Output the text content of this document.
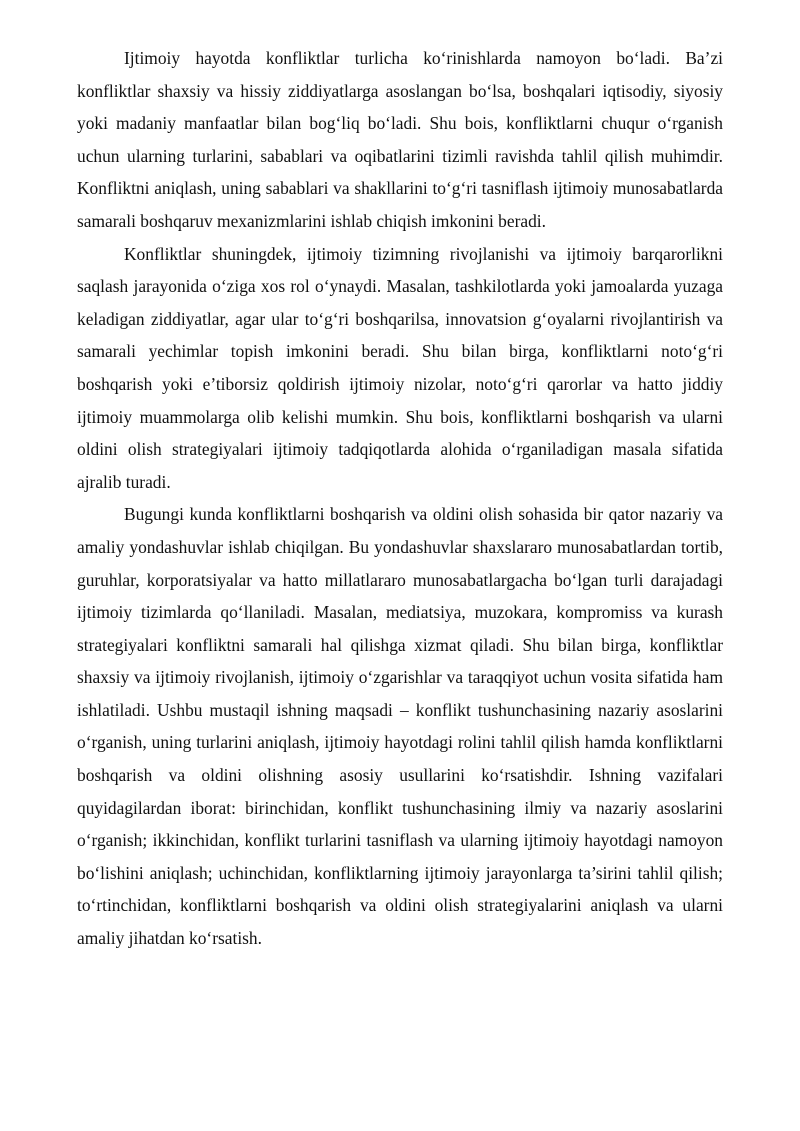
Ijtimoiy hayotda konfliktlar turlicha ko‘rinishlarda namoyon bo‘ladi. Ba’zi konfliktlar shaxsiy va hissiy ziddiyatlarga asoslangan bo‘lsa, boshqalari iqtisodiy, siyosiy yoki madaniy manfaatlar bilan bog‘liq bo‘ladi. Shu bois, konfliktlarni chuqur o‘rganish uchun ularning turlarini, sabablari va oqibatlarini tizimli ravishda tahlil qilish muhimdir. Konfliktni aniqlash, uning sabablari va shakllarini to‘g‘ri tasniflash ijtimoiy munosabatlarda samarali boshqaruv mexanizmlarini ishlab chiqish imkonini beradi.

Konfliktlar shuningdek, ijtimoiy tizimning rivojlanishi va ijtimoiy barqarorlikni saqlash jarayonida o‘ziga xos rol o‘ynaydi. Masalan, tashkilotlarda yoki jamoalarda yuzaga keladigan ziddiyatlar, agar ular to‘g‘ri boshqarilsa, innovatsion g‘oyalarni rivojlantirish va samarali yechimlar topish imkonini beradi. Shu bilan birga, konfliktlarni noto‘g‘ri boshqarish yoki e’tiborsiz qoldirish ijtimoiy nizolar, noto‘g‘ri qarorlar va hatto jiddiy ijtimoiy muammolarga olib kelishi mumkin. Shu bois, konfliktlarni boshqarish va ularni oldini olish strategiyalari ijtimoiy tadqiqotlarda alohida o‘rganiladigan masala sifatida ajralib turadi.

Bugungi kunda konfliktlarni boshqarish va oldini olish sohasida bir qator nazariy va amaliy yondashuvlar ishlab chiqilgan. Bu yondashuvlar shaxslararo munosabatlardan tortib, guruhlar, korporatsiyalar va hatto millatlararo munosabatlargacha bo‘lgan turli darajadagi ijtimoiy tizimlarda qo‘llaniladi. Masalan, mediatsiya, muzokara, kompromiss va kurash strategiyalari konfliktni samarali hal qilishga xizmat qiladi. Shu bilan birga, konfliktlar shaxsiy va ijtimoiy rivojlanish, ijtimoiy o‘zgarishlar va taraqqiyot uchun vosita sifatida ham ishlatiladi. Ushbu mustaqil ishning maqsadi – konflikt tushunchasining nazariy asoslarini o‘rganish, uning turlarini aniqlash, ijtimoiy hayotdagi rolini tahlil qilish hamda konfliktlarni boshqarish va oldini olishning asosiy usullarini ko‘rsatishdir. Ishning vazifalari quyidagilardan iborat: birinchidan, konflikt tushunchasining ilmiy va nazariy asoslarini o‘rganish; ikkinchidan, konflikt turlarini tasniflash va ularning ijtimoiy hayotdagi namoyon bo‘lishini aniqlash; uchinchidan, konfliktlarning ijtimoiy jarayonlarga ta’sirini tahlil qilish; to‘rtinchidan, konfliktlarni boshqarish va oldini olish strategiyalarini aniqlash va ularni amaliy jihatdan ko‘rsatish.
